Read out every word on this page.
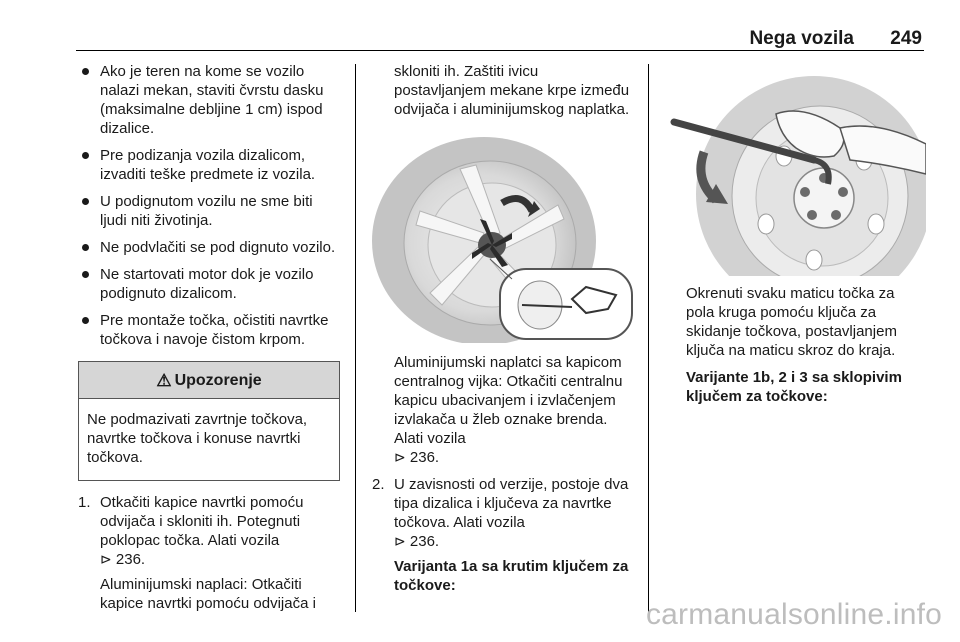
Nega vozila 249
Ako je teren na kome se vozilo nalazi mekan, staviti čvrstu dasku (maksimalne debljine 1 cm) ispod dizalice.
Pre podizanja vozila dizalicom, izvaditi teške predmete iz vozila.
U podignutom vozilu ne sme biti ljudi niti životinja.
Ne podvlačiti se pod dignuto vozilo.
Ne startovati motor dok je vozilo podignuto dizalicom.
Pre montaže točka, očistiti navrtke točkova i navoje čistom krpom.
⚠ Upozorenje
Ne podmazivati zavrtnje točkova, navrtke točkova i konuse navrtki točkova.
1. Otkačiti kapice navrtki pomoću odvijača i skloniti ih. Potegnuti poklopac točka. Alati vozila
⊳ 236.

Aluminijumski naplaci: Otkačiti kapice navrtki pomoću odvijača i

skloniti ih. Zaštiti ivicu postavljanjem mekane krpe između odvijača i aluminijumskog naplatka.

Aluminijumski naplatci sa kapicom centralnog vijka: Otkačiti centralnu kapicu ubacivanjem i izvlačenjem izvlakača u žleb oznake brenda. Alati vozila
⊳ 236.

2. U zavisnosti od verzije, postoje dva tipa dizalica i ključeva za navrtke točkova. Alati vozila
⊳ 236.

Varijanta 1a sa krutim ključem za točkove:

Okrenuti svaku maticu točka za pola kruga pomoću ključa za skidanje točkova, postavljanjem ključa na maticu skroz do kraja.

Varijante 1b, 2 i 3 sa sklopivim ključem za točkove:

carmanualsonline.info
